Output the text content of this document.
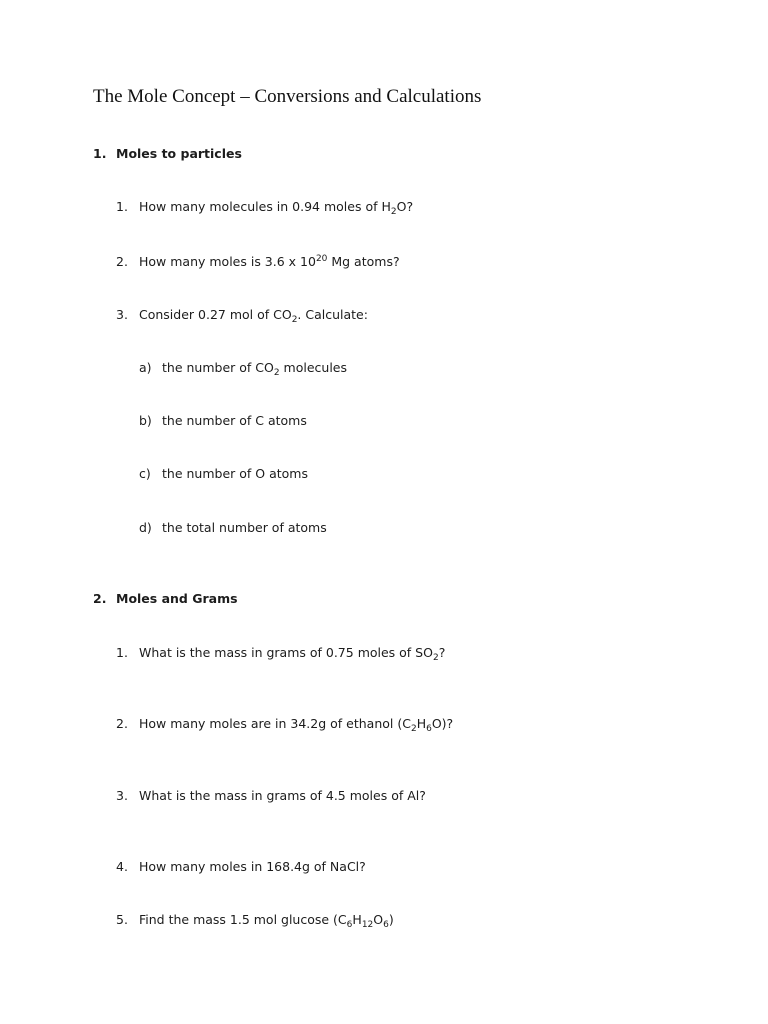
The Mole Concept – Conversions and Calculations
1. Moles to particles
1. How many molecules in 0.94 moles of $H_2O$?
2. How many moles is 3.6 x $10^{20}$ Mg atoms?
3. Consider 0.27 mol of $CO_2$. Calculate:
a) the number of $CO_2$ molecules
b) the number of C atoms
c) the number of O atoms
d) the total number of atoms
2. Moles and Grams
1. What is the mass in grams of 0.75 moles of $SO_2$?
2. How many moles are in 34.2g of ethanol $(C_2H_6O)$?
3. What is the mass in grams of 4.5 moles of Al?
4. How many moles in 168.4g of NaCl?
5. Find the mass 1.5 mol glucose $(C_6H_{12}O_6)$
